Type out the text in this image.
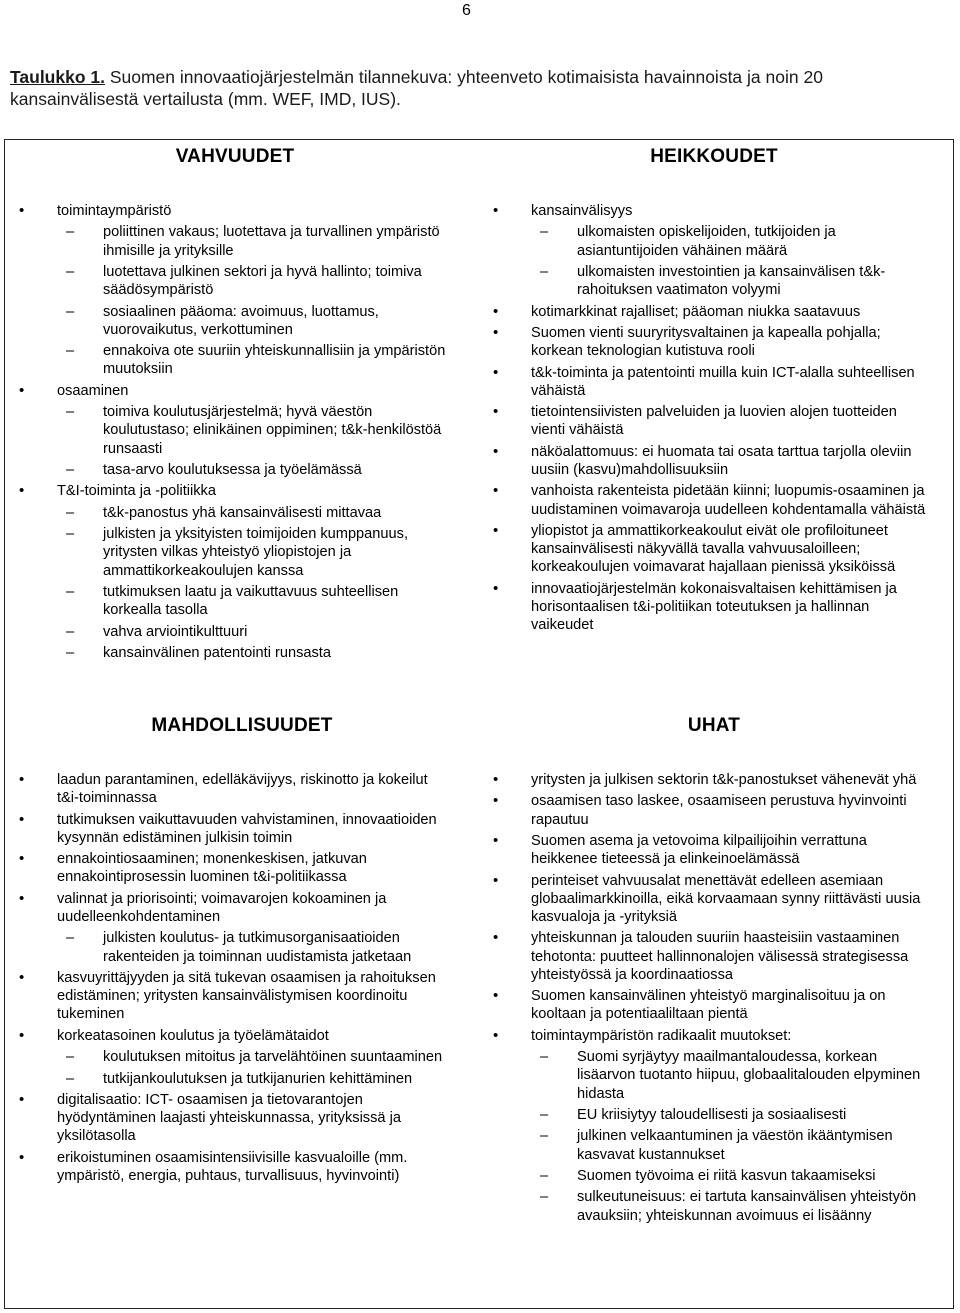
6
Taulukko 1. Suomen innovaatiojärjestelmän tilannekuva: yhteenveto kotimaisista havainnoista ja noin 20 kansainvälisestä vertailusta (mm. WEF, IMD, IUS).
VAHVUUDET
• toimintaympäristö
– poliittinen vakaus; luotettava ja turvallinen ympäristö ihmisille ja yrityksille
– luotettava julkinen sektori ja hyvä hallinto; toimiva säädösympäristö
– sosiaalinen pääoma: avoimuus, luottamus, vuorovaikutus, verkottuminen
– ennakoiva ote suuriin yhteiskunnallisiin ja ympäristön muutoksiin
• osaaminen
– toimiva koulutusjärjestelmä; hyvä väestön koulutustaso; elinikäinen oppiminen; t&k-henkilöstöä runsaasti
– tasa-arvo koulutuksessa ja työelämässä
• T&I-toiminta ja -politiikka
– t&k-panostus yhä kansainvälisesti mittavaa
– julkisten ja yksityisten toimijoiden kumppanuus, yritysten vilkas yhteistyö yliopistojen ja ammattikorkeakoulujen kanssa
– tutkimuksen laatu ja vaikuttavuus suhteellisen korkealla tasolla
– vahva arviointikulttuuri
– kansainvälinen patentointi runsasta
HEIKKOUDET
• kansainvälisyys
– ulkomaisten opiskelijoiden, tutkijoiden ja asiantuntijoiden vähäinen määrä
– ulkomaisten investointien ja kansainvälisen t&k-rahoituksen vaatimaton volyymi
• kotimarkkinat rajalliset; pääoman niukka saatavuus
• Suomen vienti suuryritysvaltainen ja kapealla pohjalla; korkean teknologian kutistuva rooli
• t&k-toiminta ja patentointi muilla kuin ICT-alalla suhteellisen vähäistä
• tietointensiivisten palveluiden ja luovien alojen tuotteiden vienti vähäistä
• näköalattomuus: ei huomata tai osata tarttua tarjolla oleviin uusiin (kasvu)mahdollisuuksiin
• vanhoista rakenteista pidetään kiinni; luopumis-osaaminen ja uudistaminen voimavaroja uudelleen kohdentamalla vähäistä
• yliopistot ja ammattikorkeakoulut eivät ole profiloituneet kansainvälisesti näkyvällä tavalla vahvuusaloilleen; korkeakoulujen voimavarat hajallaan pienissä yksiköissä
• innovaatiojärjestelmän kokonaisvaltaisen kehittämisen ja horisontaalisen t&i-politiikan toteutuksen ja hallinnan vaikeudet
MAHDOLLISUUDET
• laadun parantaminen, edelläkävijyys, riskinotto ja kokeilut t&i-toiminnassa
• tutkimuksen vaikuttavuuden vahvistaminen, innovaatioiden kysynnän edistäminen julkisin toimin
• ennakointiosaaminen; monenkeskisen, jatkuvan ennakointiprosessin luominen t&i-politiikassa
• valinnat ja priorisointi; voimavarojen kokoaminen ja uudelleenkohdentaminen
– julkisten koulutus- ja tutkimusorganisaatioiden rakenteiden ja toiminnan uudistamista jatketaan
• kasvuyrittäjyyden ja sitä tukevan osaamisen ja rahoituksen edistäminen; yritysten kansainvälistymisen koordinoitu tukeminen
• korkeatasoinen koulutus ja työelämätaidot
– koulutuksen mitoitus ja tarvelähtöinen suuntaaminen
– tutkijankoulutuksen ja tutkijanurien kehittäminen
• digitalisaatio: ICT- osaamisen ja tietovarantojen hyödyntäminen laajasti yhteiskunnassa, yrityksissä ja yksilötasolla
• erikoistuminen osaamisintensiivisille kasvualoille (mm. ympäristö, energia, puhtaus, turvallisuus, hyvinvointi)
UHAT
• yritysten ja julkisen sektorin t&k-panostukset vähenevät yhä
• osaamisen taso laskee, osaamiseen perustuva hyvinvointi rapautuu
• Suomen asema ja vetovoima kilpailijoihin verrattuna heikkenee tieteessä ja elinkeinoelämässä
• perinteiset vahvuusalat menettävät edelleen asemiaan globaalimarkkinoilla, eikä korvaamaan synny riittävästi uusia kasvualoja ja -yrityksiä
• yhteiskunnan ja talouden suuriin haasteisiin vastaaminen tehotonta: puutteet hallinnonalojen välisessä strategisessa yhteistyössä ja koordinaatiossa
• Suomen kansainvälinen yhteistyö marginalisoituu ja on kooltaan ja potentiaaliltaan pientä
• toimintaympäristön radikaalit muutokset:
– Suomi syrjäytyy maailmantaloudessa, korkean lisäarvon tuotanto hiipuu, globaalitalouden elpyminen hidasta
– EU kriisiytyy taloudellisesti ja sosiaalisesti
– julkinen velkaantuminen ja väestön ikääntymisen kasvavat kustannukset
– Suomen työvoima ei riitä kasvun takaamiseksi
– sulkeutuneisuus: ei tartuta kansainvälisen yhteistyön avauksiin; yhteiskunnan avoimuus ei lisäänny
